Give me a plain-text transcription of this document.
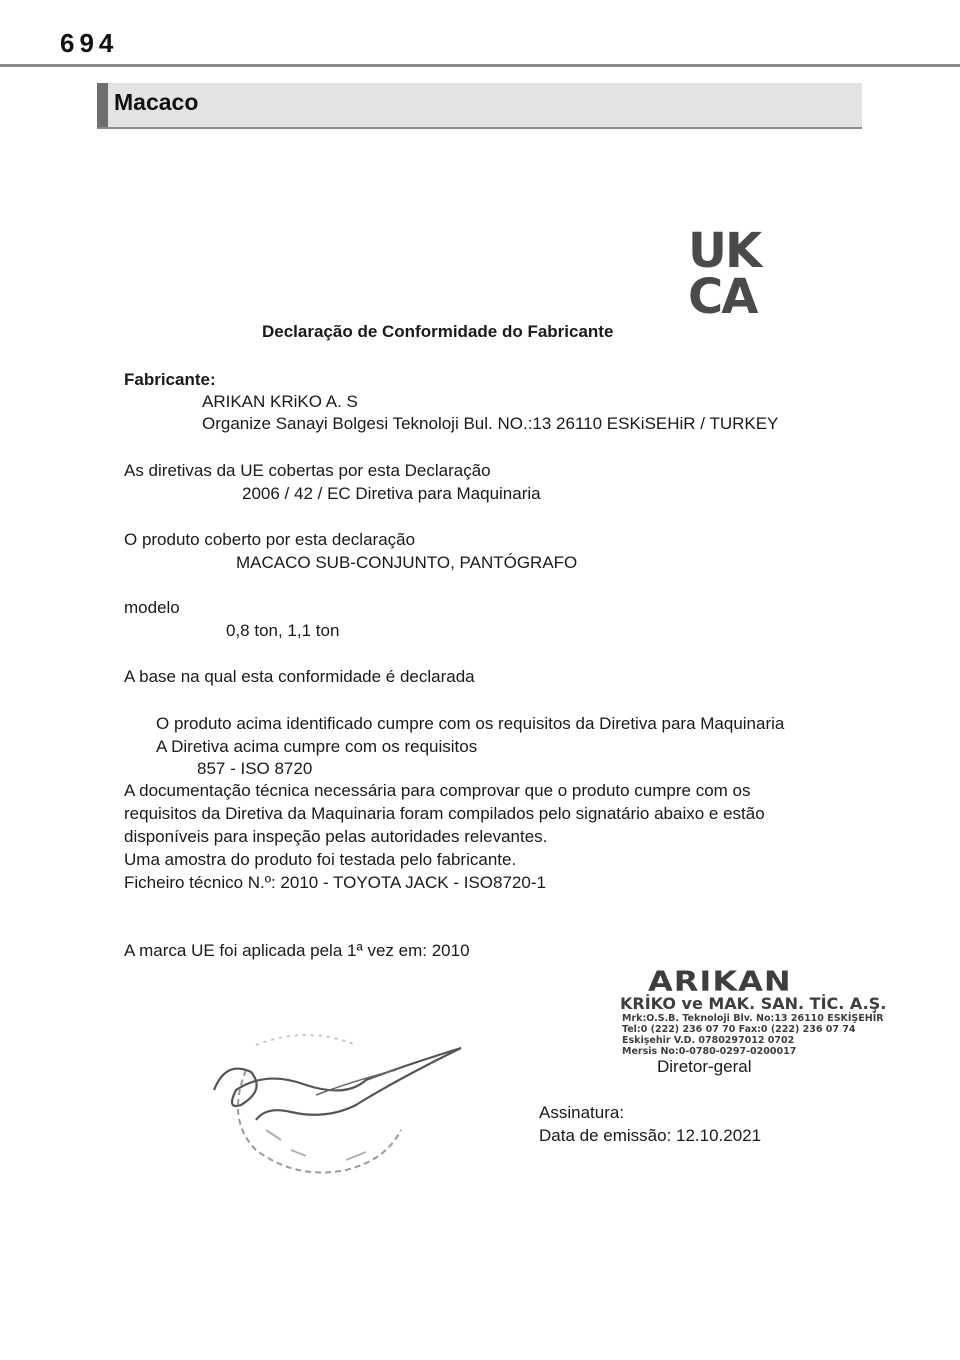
694
Macaco
UK
CA
Declaração de Conformidade do Fabricante
Fabricante:
ARIKAN KRiKO A. S
Organize Sanayi Bolgesi Teknoloji Bul. NO.:13 26110 ESKiSEHiR / TURKEY
As diretivas da UE cobertas por esta Declaração
2006 / 42 / EC Diretiva para Maquinaria
O produto coberto por esta declaração
MACACO SUB-CONJUNTO, PANTÓGRAFO
modelo
0,8 ton, 1,1 ton
A base na qual esta conformidade é declarada
O produto acima identificado cumpre com os requisitos da Diretiva para Maquinaria
A Diretiva acima cumpre com os requisitos
857 - ISO 8720
A documentação técnica necessária para comprovar que o produto cumpre com os
requisitos da Diretiva da Maquinaria foram compilados pelo signatário abaixo e estão
disponíveis para inspeção pelas autoridades relevantes.
Uma amostra do produto foi testada pelo fabricante.
Ficheiro técnico N.º: 2010 - TOYOTA JACK - ISO8720-1
A marca UE foi aplicada pela 1ª vez em: 2010
ARIKAN
KRİKO ve MAK. SAN. TİC. A.Ş.
Mrk:O.S.B. Teknoloji Blv. No:13 26110 ESKİŞEHİR
Tel:0 (222) 236 07 70 Fax:0 (222) 236 07 74
Eskişehir V.D. 0780297012 0702
Mersis No:0-0780-0297-0200017
Diretor-geral
Assinatura:
Data de emissão: 12.10.2021
